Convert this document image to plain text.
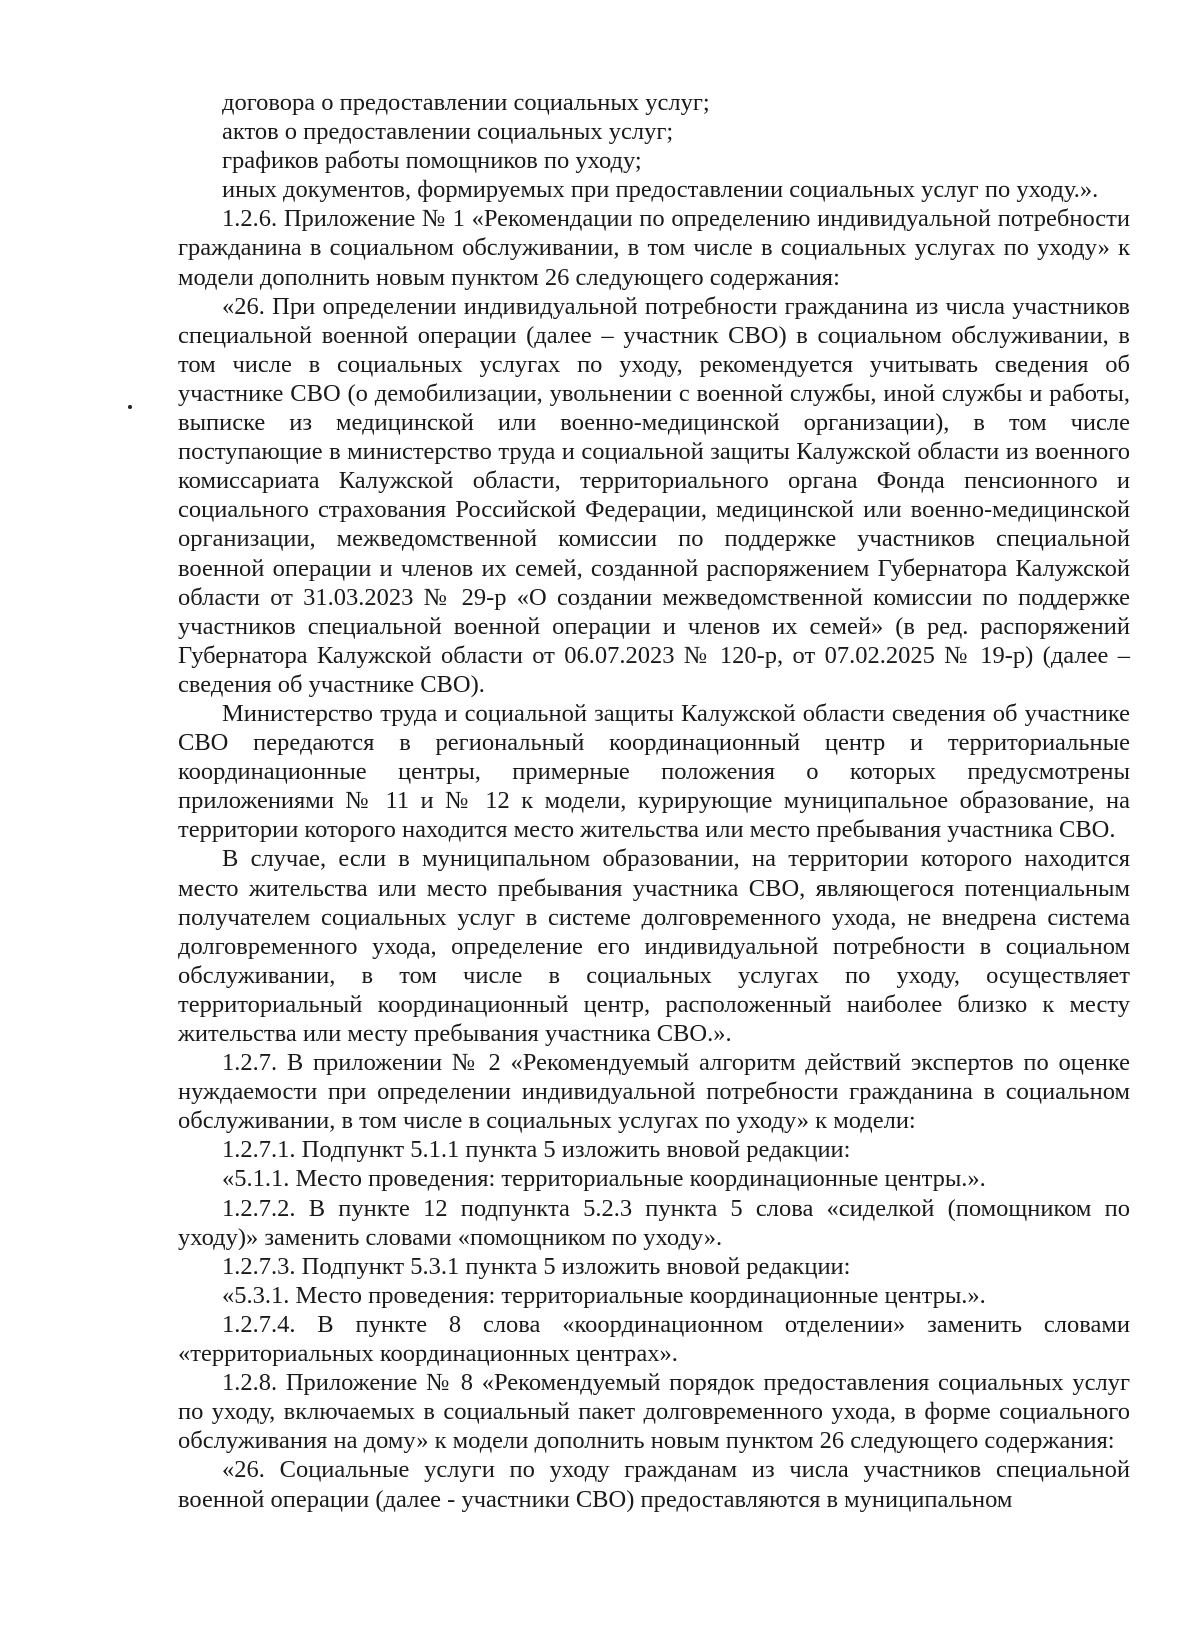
договора о предоставлении социальных услуг;

актов о предоставлении социальных услуг;

графиков работы помощников по уходу;

иных документов, формируемых при предоставлении социальных услуг по уходу.».

1.2.6. Приложение № 1 «Рекомендации по определению индивидуальной потребности гражданина в социальном обслуживании, в том числе в социальных услугах по уходу» к модели дополнить новым пунктом 26 следующего содержания:

«26. При определении индивидуальной потребности гражданина из числа участников специальной военной операции (далее – участник СВО) в социальном обслуживании, в том числе в социальных услугах по уходу, рекомендуется учитывать сведения об участнике СВО (о демобилизации, увольнении с военной службы, иной службы и работы, выписке из медицинской или военно-медицинской организации), в том числе поступающие в министерство труда и социальной защиты Калужской области из военного комиссариата Калужской области, территориального органа Фонда пенсионного и социального страхования Российской Федерации, медицинской или военно-медицинской организации, межведомственной комиссии по поддержке участников специальной военной операции и членов их семей, созданной распоряжением Губернатора Калужской области от 31.03.2023 № 29-р «О создании межведомственной комиссии по поддержке участников специальной военной операции и членов их семей» (в ред. распоряжений Губернатора Калужской области от 06.07.2023 № 120-р, от 07.02.2025 № 19-р) (далее – сведения об участнике СВО).

Министерство труда и социальной защиты Калужской области сведения об участнике СВО передаются в региональный координационный центр и территориальные координационные центры, примерные положения о которых предусмотрены приложениями № 11 и № 12 к модели, курирующие муниципальное образование, на территории которого находится место жительства или место пребывания участника СВО.

В случае, если в муниципальном образовании, на территории которого находится место жительства или место пребывания участника СВО, являющегося потенциальным получателем социальных услуг в системе долговременного ухода, не внедрена система долговременного ухода, определение его индивидуальной потребности в социальном обслуживании, в том числе в социальных услугах по уходу, осуществляет территориальный координационный центр, расположенный наиболее близко к месту жительства или месту пребывания участника СВО.».

1.2.7. В приложении № 2 «Рекомендуемый алгоритм действий экспертов по оценке нуждаемости при определении индивидуальной потребности гражданина в социальном обслуживании, в том числе в социальных услугах по уходу» к модели:

1.2.7.1. Подпункт 5.1.1 пункта 5 изложить вновой редакции:

«5.1.1. Место проведения: территориальные координационные центры.».

1.2.7.2. В пункте 12 подпункта 5.2.3 пункта 5 слова «сиделкой (помощником по уходу)» заменить словами «помощником по уходу».

1.2.7.3. Подпункт 5.3.1 пункта 5 изложить вновой редакции:

«5.3.1. Место проведения: территориальные координационные центры.».

1.2.7.4. В пункте 8 слова «координационном отделении» заменить словами «территориальных координационных центрах».

1.2.8. Приложение № 8 «Рекомендуемый порядок предоставления социальных услуг по уходу, включаемых в социальный пакет долговременного ухода, в форме социального обслуживания на дому» к модели дополнить новым пунктом 26 следующего содержания:

«26. Социальные услуги по уходу гражданам из числа участников специальной военной операции (далее - участники СВО) предоставляются в муниципальном
